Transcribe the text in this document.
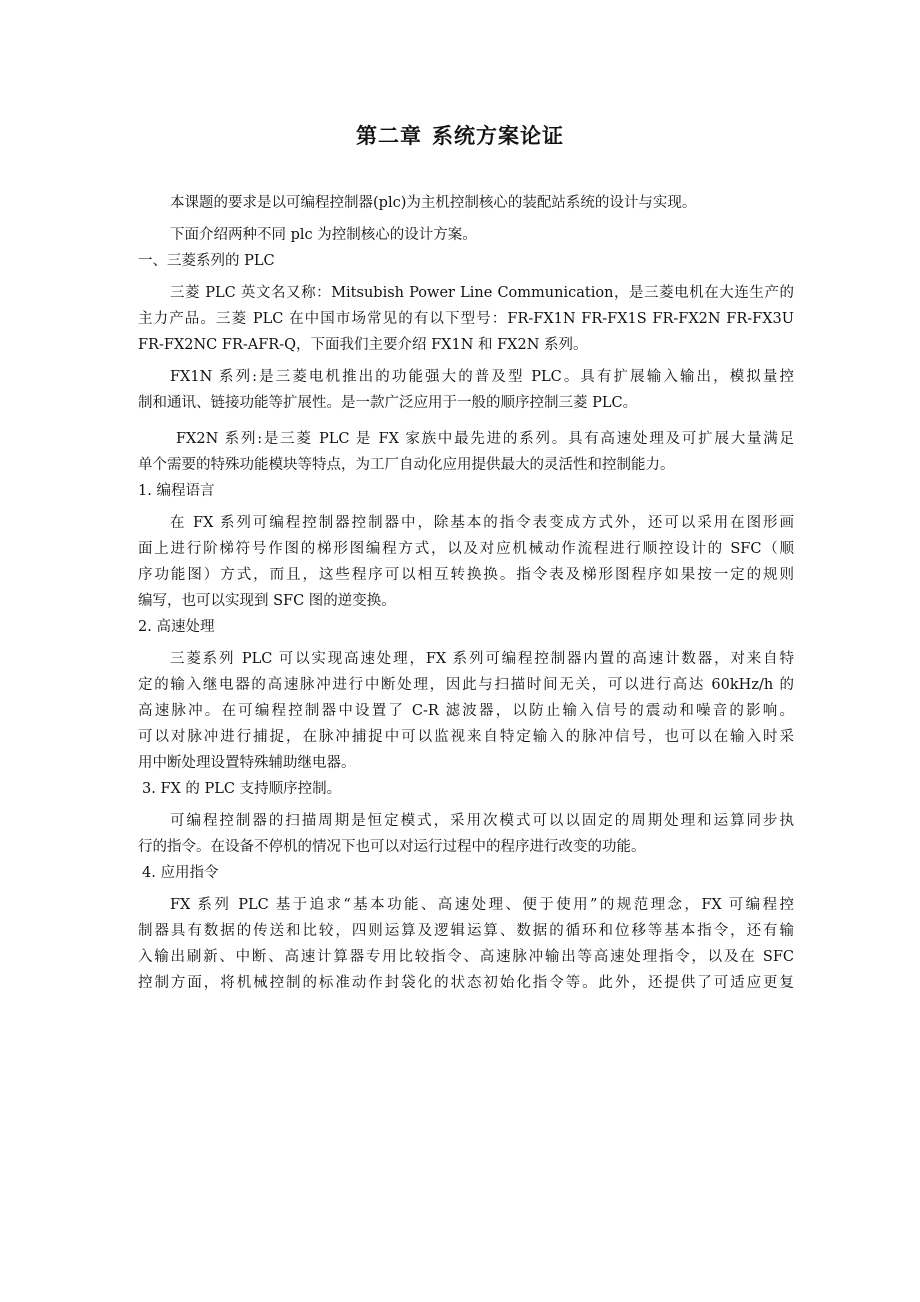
第二章 系统方案论证
本课题的要求是以可编程控制器(plc)为主机控制核心的装配站系统的设计与实现。
下面介绍两种不同 plc 为控制核心的设计方案。
一、三菱系列的 PLC
三菱 PLC 英文名又称：Mitsubish Power Line Communication，是三菱电机在大连生产的
主力产品。三菱 PLC 在中国市场常见的有以下型号：FR-FX1N FR-FX1S FR-FX2N FR-FX3U
FR-FX2NC FR-AFR-Q，下面我们主要介绍 FX1N 和 FX2N 系列。
FX1N 系列:是三菱电机推出的功能强大的普及型 PLC。具有扩展输入输出，模拟量控
制和通讯、链接功能等扩展性。是一款广泛应用于一般的顺序控制三菱 PLC。
FX2N 系列:是三菱 PLC 是 FX 家族中最先进的系列。具有高速处理及可扩展大量满足
单个需要的特殊功能模块等特点，为工厂自动化应用提供最大的灵活性和控制能力。
1. 编程语言
在 FX 系列可编程控制器控制器中，除基本的指令表变成方式外，还可以采用在图形画
面上进行阶梯符号作图的梯形图编程方式，以及对应机械动作流程进行顺控设计的 SFC（顺
序功能图）方式，而且，这些程序可以相互转换换。指令表及梯形图程序如果按一定的规则
编写，也可以实现到 SFC 图的逆变换。
2. 高速处理
三菱系列 PLC 可以实现高速处理，FX 系列可编程控制器内置的高速计数器，对来自特
定的输入继电器的高速脉冲进行中断处理，因此与扫描时间无关，可以进行高达 60kHz/h 的
高速脉冲。在可编程控制器中设置了 C-R 滤波器，以防止输入信号的震动和噪音的影响。
可以对脉冲进行捕捉，在脉冲捕捉中可以监视来自特定输入的脉冲信号，也可以在输入时采
用中断处理设置特殊辅助继电器。
3. FX 的 PLC 支持顺序控制。
可编程控制器的扫描周期是恒定模式，采用次模式可以以固定的周期处理和运算同步执
行的指令。在设备不停机的情况下也可以对运行过程中的程序进行改变的功能。
4. 应用指令
FX 系列 PLC 基于追求“基本功能、高速处理、便于使用”的规范理念，FX 可编程控
制器具有数据的传送和比较，四则运算及逻辑运算、数据的循环和位移等基本指令，还有输
入输出刷新、中断、高速计算器专用比较指令、高速脉冲输出等高速处理指令，以及在 SFC
控制方面，将机械控制的标准动作封袋化的状态初始化指令等。此外，还提供了可适应更复
